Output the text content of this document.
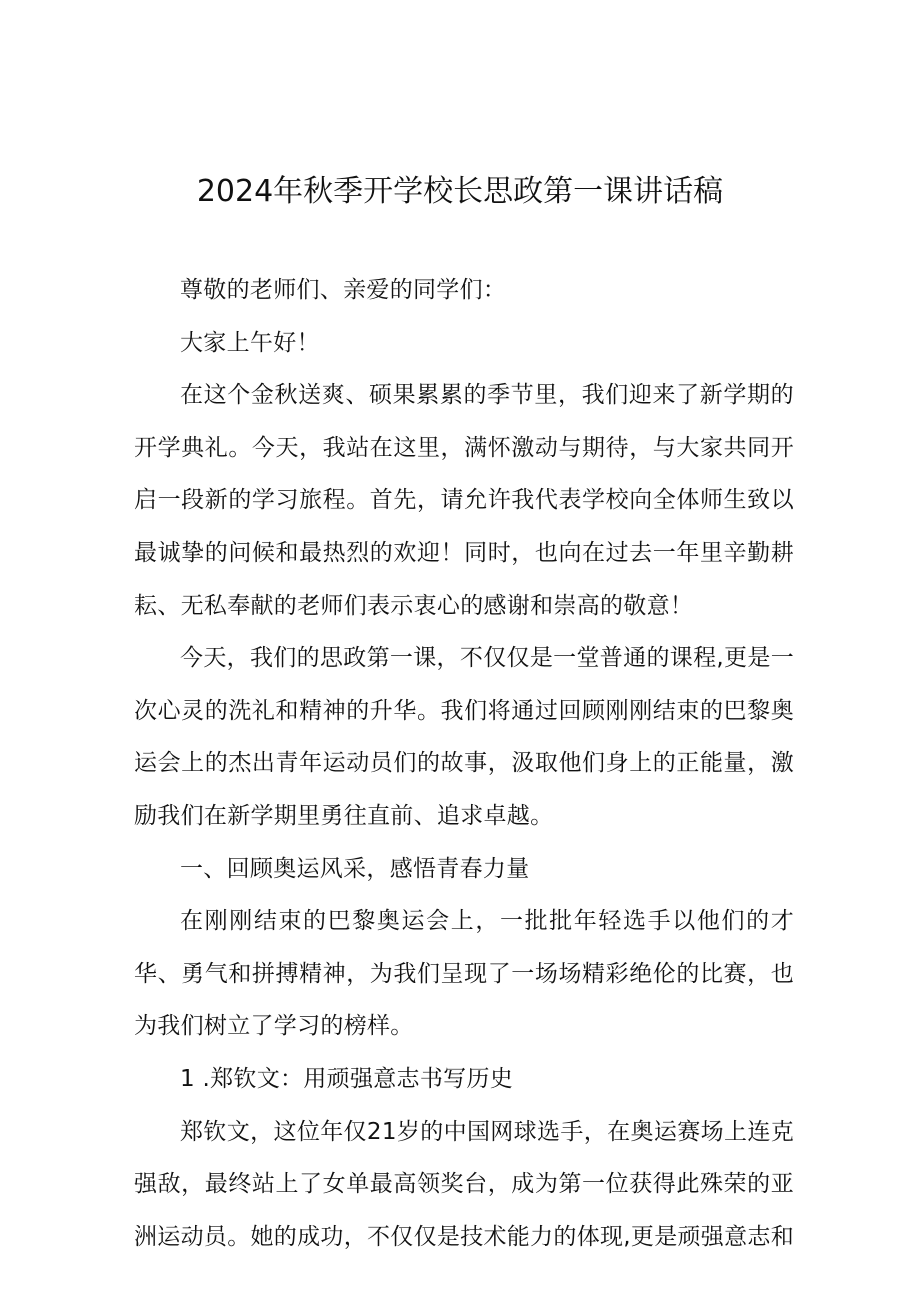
2024年秋季开学校长思政第一课讲话稿

尊敬的老师们、亲爱的同学们：

大家上午好！

在这个金秋送爽、硕果累累的季节里，我们迎来了新学期的开学典礼。今天，我站在这里，满怀激动与期待，与大家共同开启一段新的学习旅程。首先，请允许我代表学校向全体师生致以最诚挚的问候和最热烈的欢迎！同时，也向在过去一年里辛勤耕耘、无私奉献的老师们表示衷心的感谢和崇高的敬意！

今天，我们的思政第一课，不仅仅是一堂普通的课程,更是一次心灵的洗礼和精神的升华。我们将通过回顾刚刚结束的巴黎奥运会上的杰出青年运动员们的故事，汲取他们身上的正能量，激励我们在新学期里勇往直前、追求卓越。

一、回顾奥运风采，感悟青春力量

在刚刚结束的巴黎奥运会上，一批批年轻选手以他们的才华、勇气和拼搏精神，为我们呈现了一场场精彩绝伦的比赛，也为我们树立了学习的榜样。

1 .郑钦文：用顽强意志书写历史

郑钦文，这位年仅21岁的中国网球选手，在奥运赛场上连克强敌，最终站上了女单最高领奖台，成为第一位获得此殊荣的亚洲运动员。她的成功，不仅仅是技术能力的体现,更是顽强意志和
